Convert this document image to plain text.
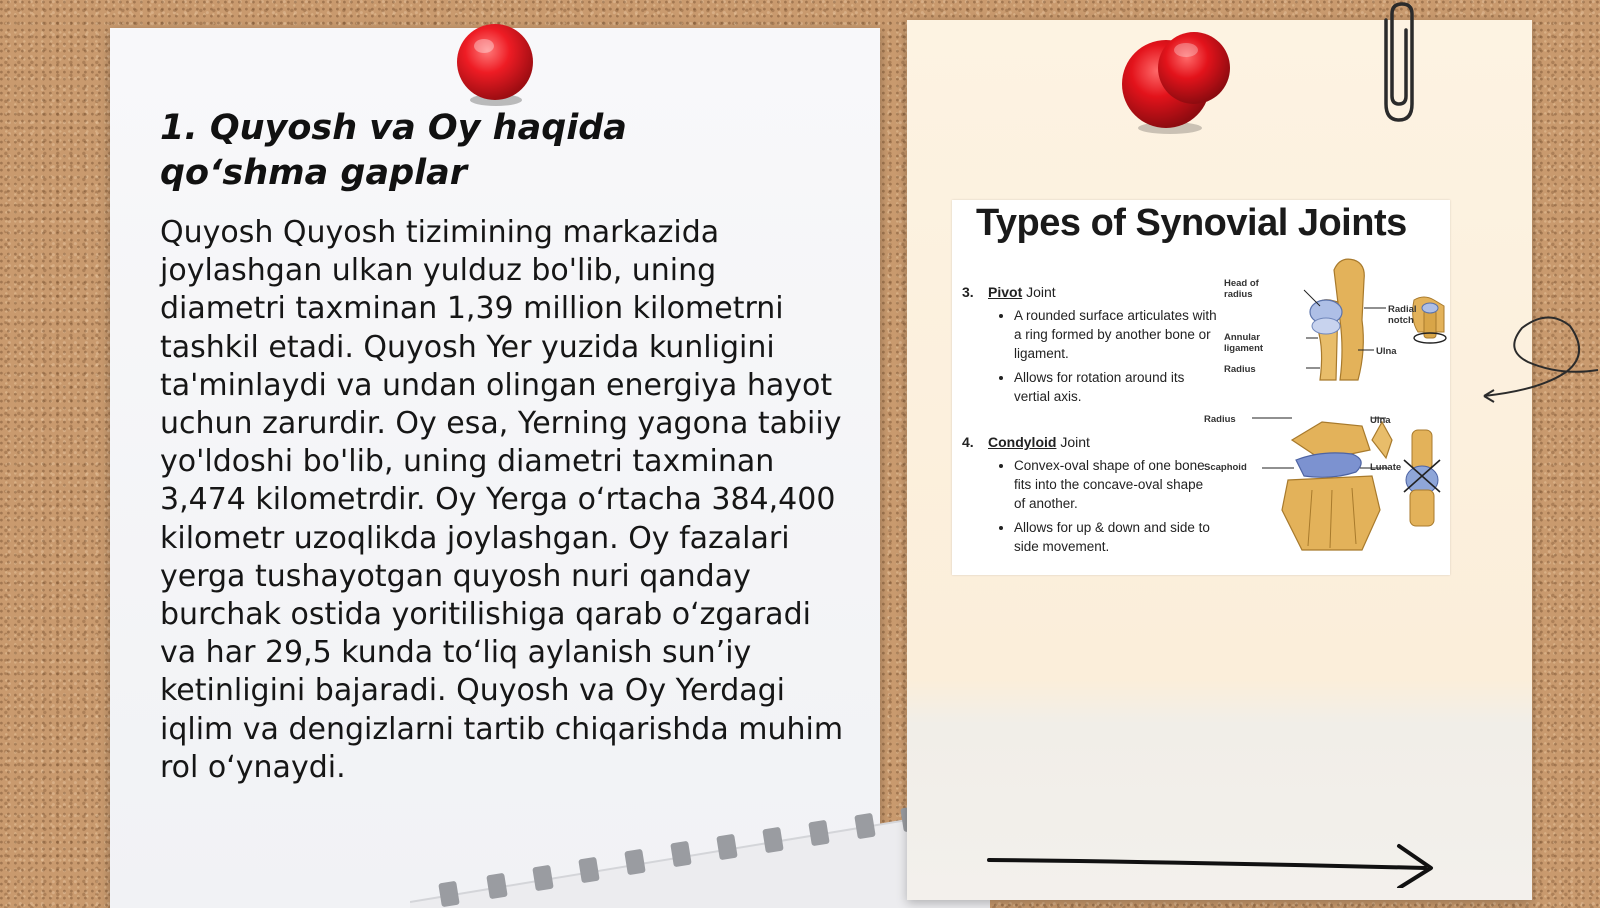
1. Quyosh va Oy haqida qo‘shma gaplar

Quyosh Quyosh tizimining markazida joylashgan ulkan yulduz bo'lib, uning diametri taxminan 1,39 million kilometrni tashkil etadi. Quyosh Yer yuzida kunligini ta'minlaydi va undan olingan energiya hayot uchun zarurdir. Oy esa, Yerning yagona tabiiy yo'ldoshi bo'lib, uning diametri taxminan 3,474 kilometrdir. Oy Yerga o‘rtacha 384,400 kilometr uzoqlikda joylashgan. Oy fazalari yerga tushayotgan quyosh nuri qanday burchak ostida yoritilishiga qarab o‘zgaradi va har 29,5 kunda to‘liq aylanish sun’iy ketinligini bajaradi. Quyosh va Oy Yerdagi iqlim va dengizlarni tartib chiqarishda muhim rol o‘ynaydi.

Types of Synovial Joints

3. Pivot Joint

• A rounded surface articulates with a ring formed by another bone or ligament.
• Allows for rotation around its vertial axis.

4. Condyloid Joint

• Convex-oval shape of one bone fits into the concave-oval shape of another.
• Allows for up & down and side to side movement.
Head of radius
Radial notch
Annular ligament	Ulna
Radius
Radius	Ulna
Scaphoid	Lunate
